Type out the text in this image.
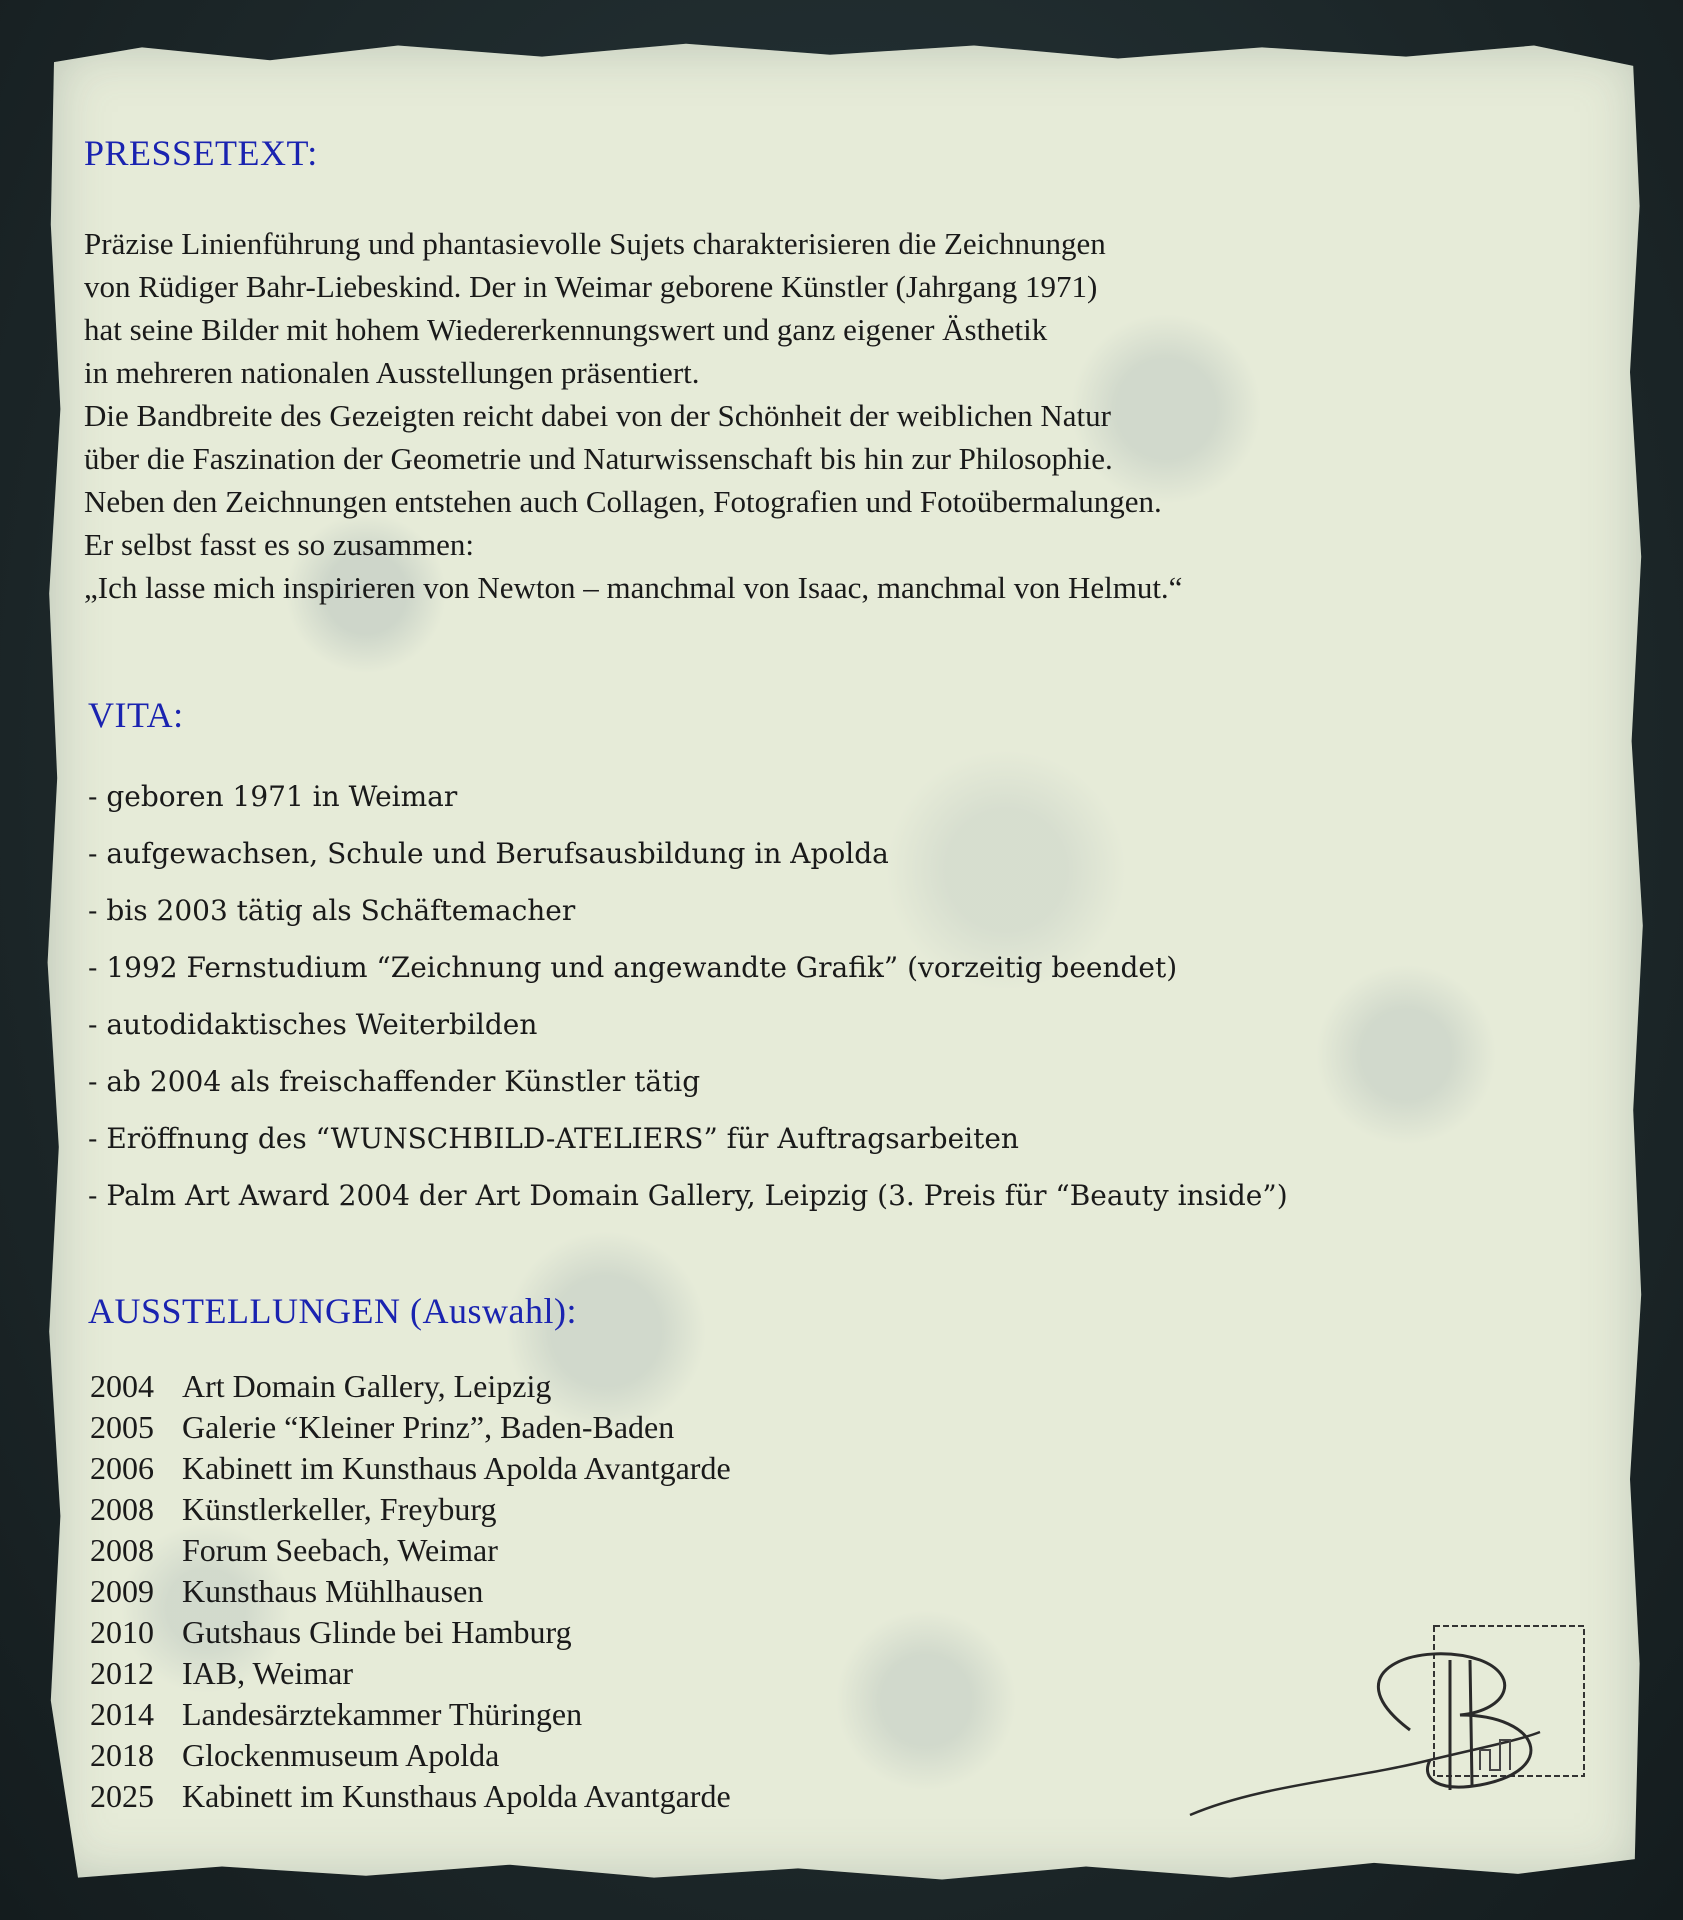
PRESSETEXT:
Präzise Linienführung und phantasievolle Sujets charakterisieren die Zeichnungen
von Rüdiger Bahr-Liebeskind. Der in Weimar geborene Künstler (Jahrgang 1971)
hat seine Bilder mit hohem Wiedererkennungswert und ganz eigener Ästhetik
in mehreren nationalen Ausstellungen präsentiert.
Die Bandbreite des Gezeigten reicht dabei von der Schönheit der weiblichen Natur
über die Faszination der Geometrie und Naturwissenschaft bis hin zur Philosophie.
Neben den Zeichnungen entstehen auch Collagen, Fotografien und Fotoübermalungen.
Er selbst fasst es so zusammen:
„Ich lasse mich inspirieren von Newton – manchmal von Isaac, manchmal von Helmut.“
VITA:
- geboren 1971 in Weimar
- aufgewachsen, Schule und Berufsausbildung in Apolda
- bis 2003 tätig als Schäftemacher
- 1992 Fernstudium “Zeichnung und angewandte Grafik” (vorzeitig beendet)
- autodidaktisches Weiterbilden
- ab 2004 als freischaffender Künstler tätig
- Eröffnung des “WUNSCHBILD-ATELIERS” für Auftragsarbeiten
- Palm Art Award 2004 der Art Domain Gallery, Leipzig (3. Preis für “Beauty inside”)
AUSSTELLUNGEN (Auswahl):
2004 Art Domain Gallery, Leipzig
2005 Galerie “Kleiner Prinz”, Baden-Baden
2006 Kabinett im Kunsthaus Apolda Avantgarde
2008 Künstlerkeller, Freyburg
2008 Forum Seebach, Weimar
2009 Kunsthaus Mühlhausen
2010 Gutshaus Glinde bei Hamburg
2012 IAB, Weimar
2014 Landesärztekammer Thüringen
2018 Glockenmuseum Apolda
2025 Kabinett im Kunsthaus Apolda Avantgarde
